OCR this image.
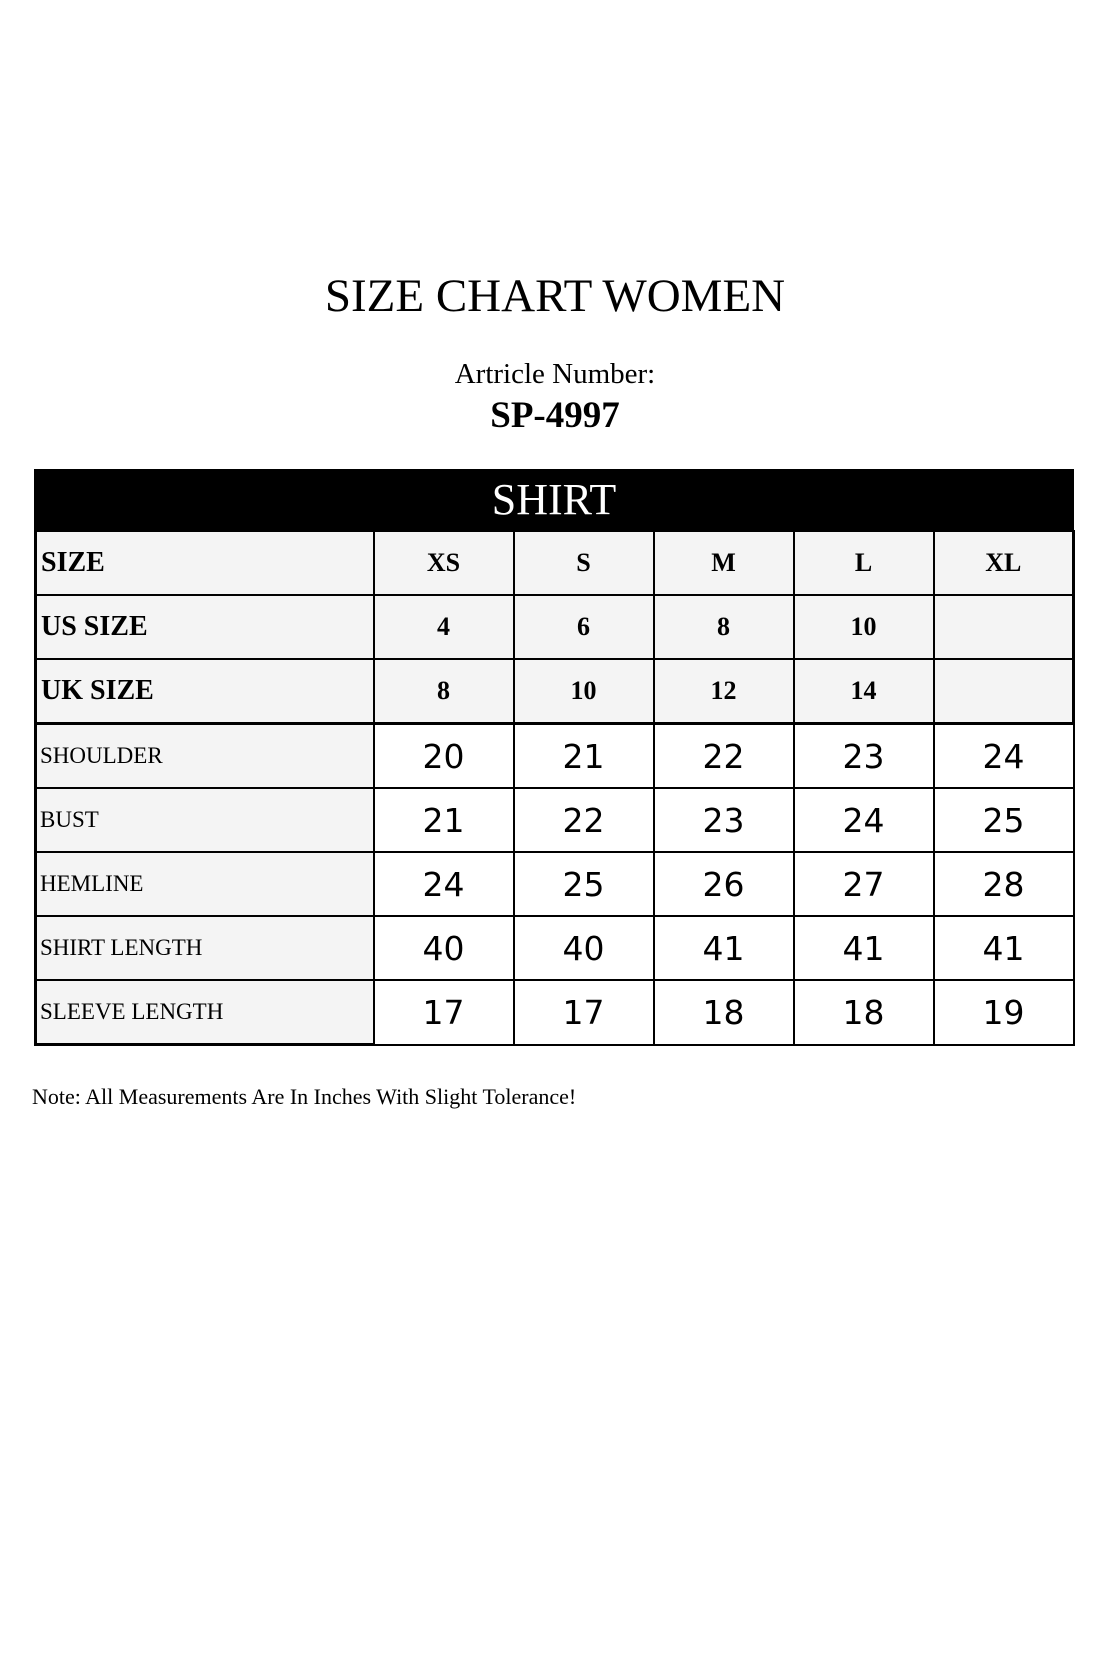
SIZE CHART WOMEN
Artricle Number:
SP-4997
SHIRT
SIZE	XS	S	M	L	XL
US SIZE	4	6	8	10	
UK SIZE	8	10	12	14	
SHOULDER	20	21	22	23	24
BUST	21	22	23	24	25
HEMLINE	24	25	26	27	28
SHIRT LENGTH	40	40	41	41	41
SLEEVE LENGTH	17	17	18	18	19
Note: All Measurements Are In Inches With Slight Tolerance!
